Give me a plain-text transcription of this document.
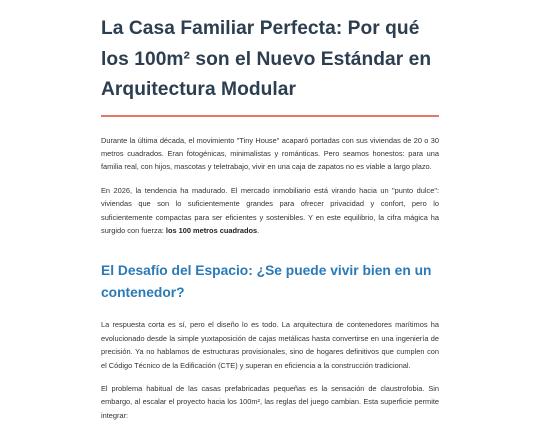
La Casa Familiar Perfecta: Por qué los 100m² son el Nuevo Estándar en Arquitectura Modular

Durante la última década, el movimiento "Tiny House" acaparó portadas con sus viviendas de 20 o 30 metros cuadrados. Eran fotogénicas, minimalistas y románticas. Pero seamos honestos: para una familia real, con hijos, mascotas y teletrabajo, vivir en una caja de zapatos no es viable a largo plazo.

En 2026, la tendencia ha madurado. El mercado inmobiliario está virando hacia un "punto dulce": viviendas que son lo suficientemente grandes para ofrecer privacidad y confort, pero lo suficientemente compactas para ser eficientes y sostenibles. Y en este equilibrio, la cifra mágica ha surgido con fuerza: los 100 metros cuadrados.

El Desafío del Espacio: ¿Se puede vivir bien en un contenedor?

La respuesta corta es sí, pero el diseño lo es todo. La arquitectura de contenedores marítimos ha evolucionado desde la simple yuxtaposición de cajas metálicas hasta convertirse en una ingeniería de precisión. Ya no hablamos de estructuras provisionales, sino de hogares definitivos que cumplen con el Código Técnico de la Edificación (CTE) y superan en eficiencia a la construcción tradicional.

El problema habitual de las casas prefabricadas pequeñas es la sensación de claustrofobia. Sin embargo, al escalar el proyecto hacia los 100m², las reglas del juego cambian. Esta superficie permite integrar:
